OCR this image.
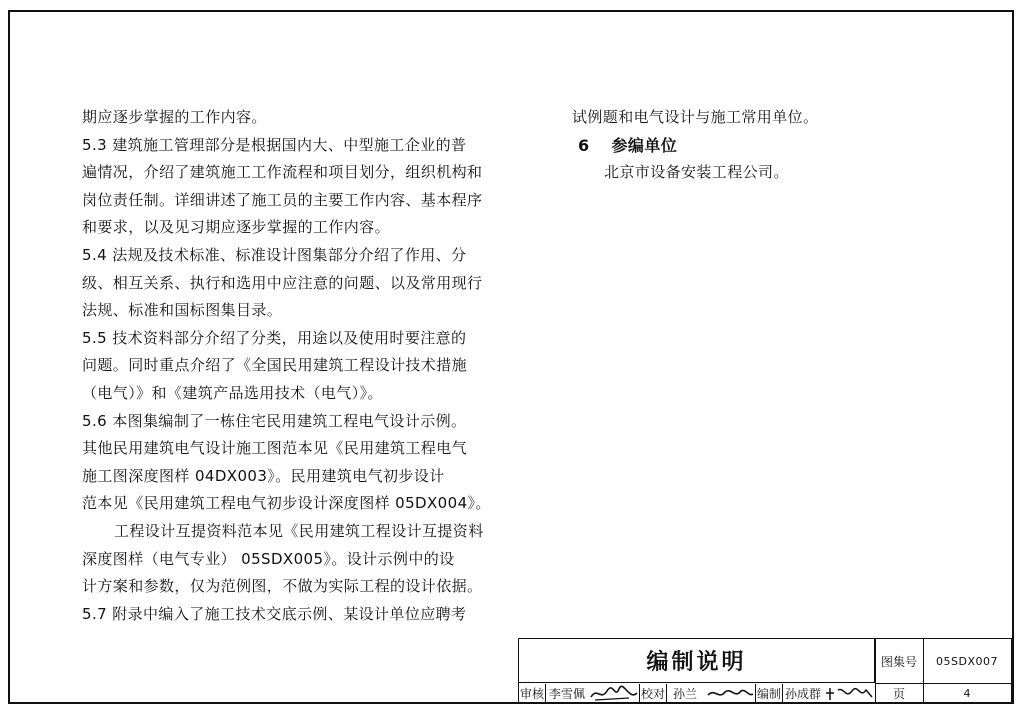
期应逐步掌握的工作内容。
5.3 建筑施工管理部分是根据国内大、中型施工企业的普
遍情况，介绍了建筑施工工作流程和项目划分，组织机构和
岗位责任制。详细讲述了施工员的主要工作内容、基本程序
和要求，以及见习期应逐步掌握的工作内容。
5.4 法规及技术标准、标准设计图集部分介绍了作用、分
级、相互关系、执行和选用中应注意的问题、以及常用现行
法规、标准和国标图集目录。
5.5 技术资料部分介绍了分类，用途以及使用时要注意的
问题。同时重点介绍了《全国民用建筑工程设计技术措施
（电气）》和《建筑产品选用技术（电气）》。
5.6 本图集编制了一栋住宅民用建筑工程电气设计示例。
其他民用建筑电气设计施工图范本见《民用建筑工程电气
施工图深度图样 04DX003》。民用建筑电气初步设计
范本见《民用建筑工程电气初步设计深度图样 05DX004》。
工程设计互提资料范本见《民用建筑工程设计互提资料
深度图样（电气专业） 05SDX005》。设计示例中的设
计方案和参数，仅为范例图，不做为实际工程的设计依据。
5.7 附录中编入了施工技术交底示例、某设计单位应聘考
试例题和电气设计与施工常用单位。
6 参编单位
北京市设备安装工程公司。
编制说明	图集号	05SDX007
页	4
审核 李雪佩	校对 孙兰	编制 孙成群
